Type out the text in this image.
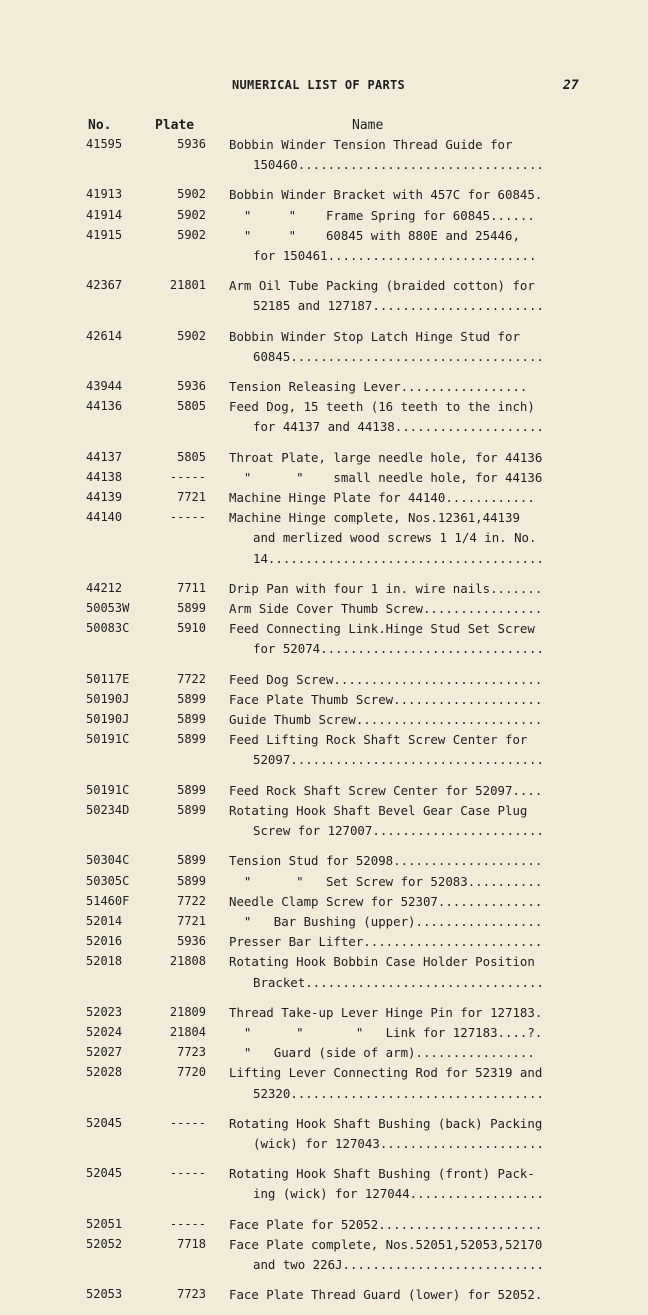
NUMERICAL LIST OF PARTS	27
No.	Plate	Name
41595	5936 Bobbin Winder Tension Thread Guide for
150460.................................
41913	5902 Bobbin Winder Bracket with 457C for 60845.
41914	5902 "     "    Frame Spring for 60845......
41915	5902 "     "    60845 with 880E and 25446,
for 150461............................
42367	21801 Arm Oil Tube Packing (braided cotton) for
52185 and 127187.......................
42614	5902 Bobbin Winder Stop Latch Hinge Stud for
60845..................................
43944	5936 Tension Releasing Lever.................
44136	5805 Feed Dog, 15 teeth (16 teeth to the inch)
for 44137 and 44138....................
44137	5805 Throat Plate, large needle hole, for 44136
44138	----- "      "    small needle hole, for 44136
44139	7721 Machine Hinge Plate for 44140............
44140	----- Machine Hinge complete, Nos.12361,44139
and merlized wood screws 1 1/4 in. No.
14.....................................
44212	7711 Drip Pan with four 1 in. wire nails.......
50053W	5899 Arm Side Cover Thumb Screw................
50083C	5910 Feed Connecting Link.Hinge Stud Set Screw
for 52074..............................
50117E	7722 Feed Dog Screw............................
50190J	5899 Face Plate Thumb Screw....................
50190J	5899 Guide Thumb Screw.........................
50191C	5899 Feed Lifting Rock Shaft Screw Center for
52097..................................
50191C	5899 Feed Rock Shaft Screw Center for 52097....
50234D	5899 Rotating Hook Shaft Bevel Gear Case Plug
Screw for 127007.......................
50304C	5899 Tension Stud for 52098....................
50305C	5899 "      "   Set Screw for 52083..........
51460F	7722 Needle Clamp Screw for 52307..............
52014	7721 "   Bar Bushing (upper).................
52016	5936 Presser Bar Lifter........................
52018	21808 Rotating Hook Bobbin Case Holder Position
Bracket................................
52023	21809 Thread Take-up Lever Hinge Pin for 127183.
52024	21804 "      "       "   Link for 127183....?.
52027	7723 "   Guard (side of arm)................
52028	7720 Lifting Lever Connecting Rod for 52319 and
52320..................................
52045	----- Rotating Hook Shaft Bushing (back) Packing
(wick) for 127043......................
52045	----- Rotating Hook Shaft Bushing (front) Pack-
ing (wick) for 127044..................
52051	----- Face Plate for 52052......................
52052	7718 Face Plate complete, Nos.52051,52053,52170
and two 226J...........................
52053	7723 Face Plate Thread Guard (lower) for 52052.
